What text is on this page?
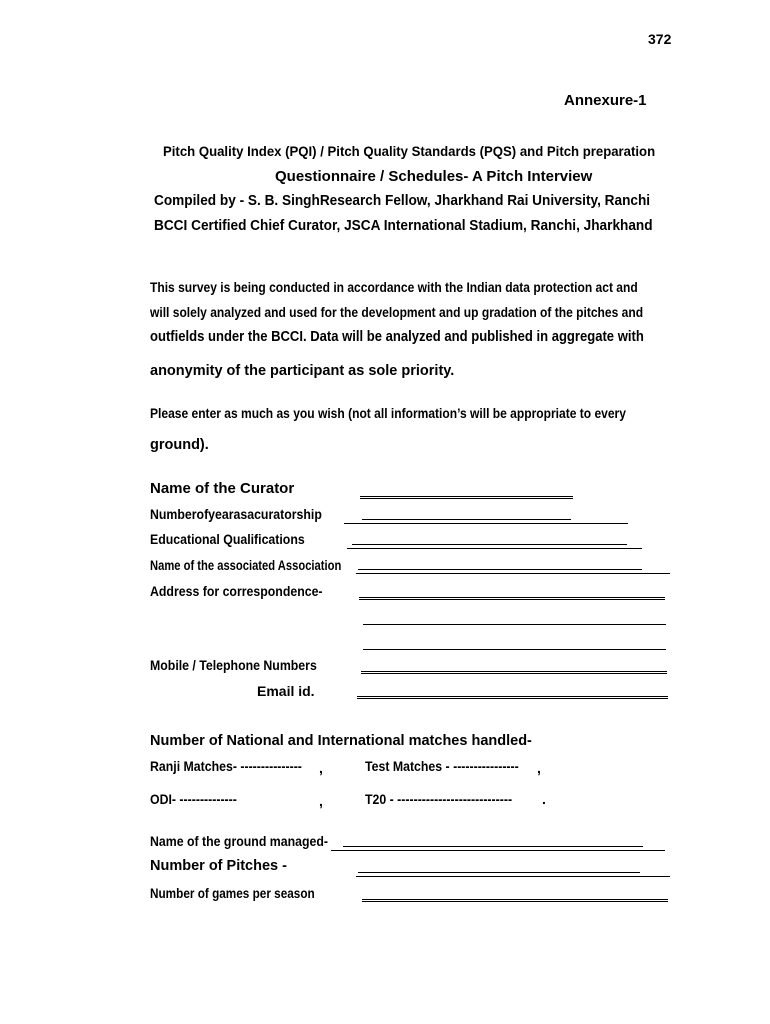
372
Annexure-1
Pitch Quality Index (PQI) / Pitch Quality Standards (PQS) and Pitch preparation
Questionnaire / Schedules- A Pitch Interview
Compiled by - S. B. SinghResearch Fellow, Jharkhand Rai University, Ranchi
BCCI Certified Chief Curator, JSCA International Stadium, Ranchi, Jharkhand
This survey is being conducted in accordance with the Indian data protection act and
will solely analyzed and used for the development and up gradation of the pitches and
outfields under the BCCI. Data will be analyzed and published in aggregate with
anonymity of the participant as sole priority.
Please enter as much as you wish (not all information’s will be appropriate to every
ground).
Name of the Curator
Numberofyearasacuratorship
Educational Qualifications
Name of the associated Association
Address for correspondence-
Mobile / Telephone Numbers
Email id.
Number of National and International matches handled-
Ranji Matches- ---------------	,	Test Matches - ----------------	,
ODI- --------------	,	T20 - ----------------------------	.
Name of the ground managed-
Number of Pitches -
Number of games per season
